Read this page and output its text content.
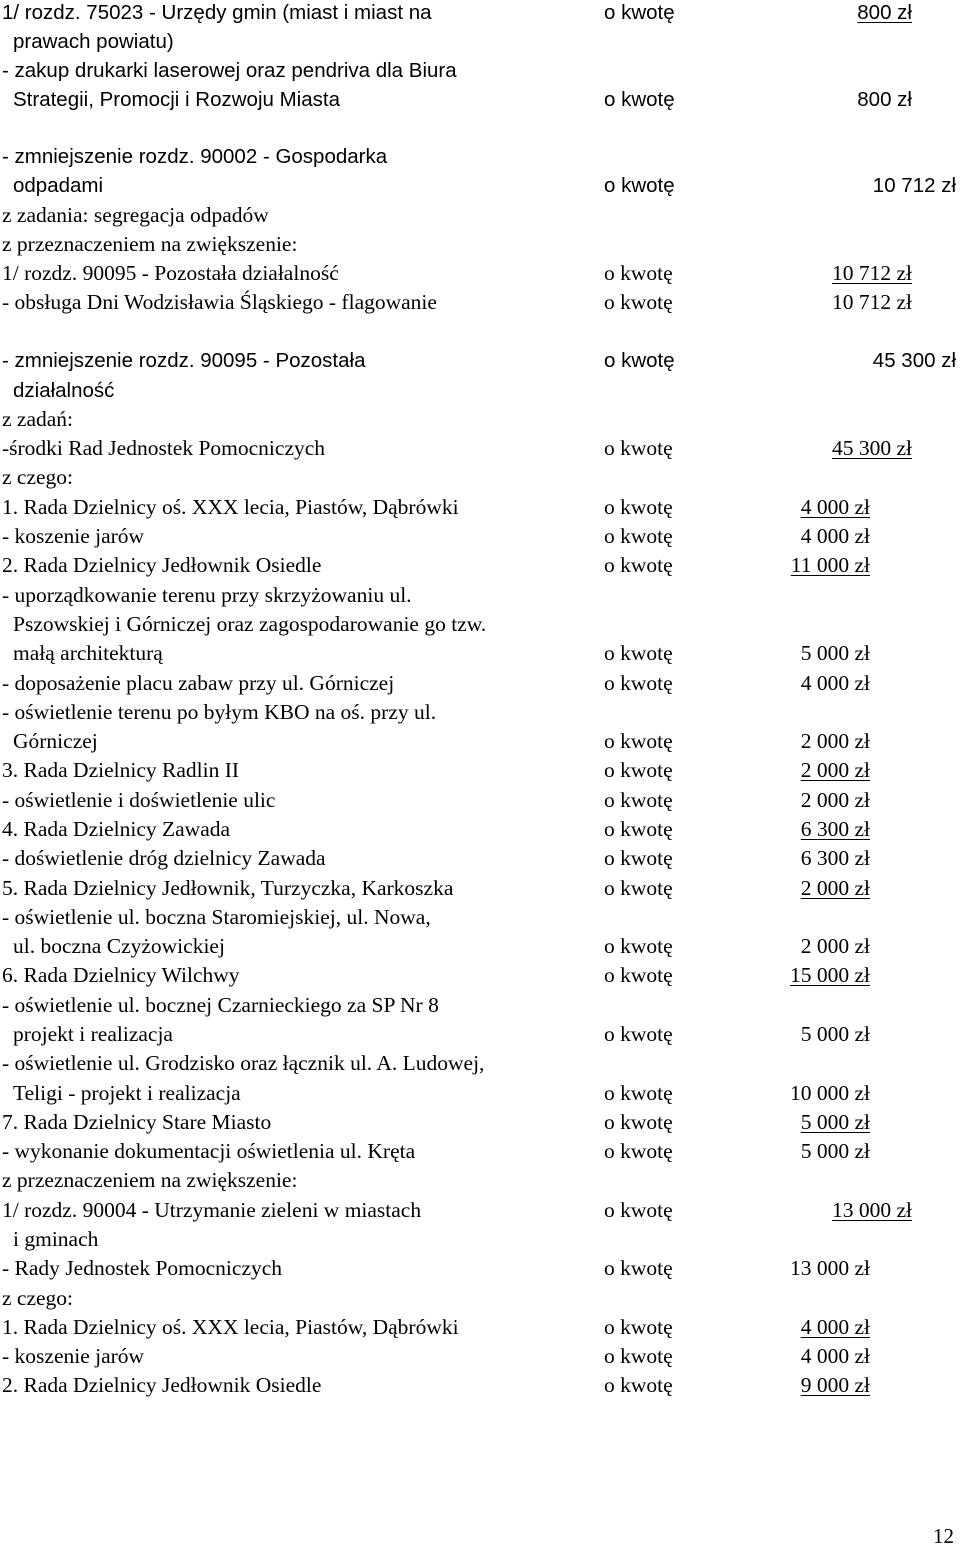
1/ rozdz. 75023 - Urzędy gmin (miast i miast na	o kwotę	800 zł
prawach powiatu)
- zakup drukarki laserowej oraz pendriva dla Biura
Strategii, Promocji i Rozwoju Miasta	o kwotę	800 zł
- zmniejszenie rozdz. 90002 - Gospodarka
odpadami	o kwotę	10 712 zł
z zadania: segregacja odpadów
z przeznaczeniem na zwiększenie:
1/ rozdz. 90095 - Pozostała działalność	o kwotę	10 712 zł
- obsługa Dni Wodzisławia Śląskiego - flagowanie	o kwotę	10 712 zł
- zmniejszenie rozdz. 90095 - Pozostała	o kwotę	45 300 zł
działalność
z zadań:
-środki Rad Jednostek Pomocniczych	o kwotę	45 300 zł
z czego:
1. Rada Dzielnicy oś. XXX lecia, Piastów, Dąbrówki	o kwotę	4 000 zł
- koszenie jarów	o kwotę	4 000 zł
2. Rada Dzielnicy Jedłownik Osiedle	o kwotę	11 000 zł
- uporządkowanie terenu przy skrzyżowaniu ul.
Pszowskiej i Górniczej oraz zagospodarowanie go tzw.
małą architekturą	o kwotę	5 000 zł
- doposażenie placu zabaw przy ul. Górniczej	o kwotę	4 000 zł
- oświetlenie terenu po byłym KBO na oś. przy ul.
Górniczej	o kwotę	2 000 zł
3. Rada Dzielnicy Radlin II	o kwotę	2 000 zł
- oświetlenie i doświetlenie ulic	o kwotę	2 000 zł
4. Rada Dzielnicy Zawada	o kwotę	6 300 zł
- doświetlenie dróg dzielnicy Zawada	o kwotę	6 300 zł
5. Rada Dzielnicy Jedłownik, Turzyczka, Karkoszka	o kwotę	2 000 zł
- oświetlenie ul. boczna Staromiejskiej, ul. Nowa,
ul. boczna Czyżowickiej	o kwotę	2 000 zł
6. Rada Dzielnicy Wilchwy	o kwotę	15 000 zł
- oświetlenie ul. bocznej Czarnieckiego za SP Nr 8
projekt i realizacja	o kwotę	5 000 zł
- oświetlenie ul. Grodzisko oraz łącznik ul. A. Ludowej,
Teligi - projekt i realizacja	o kwotę	10 000 zł
7. Rada Dzielnicy Stare Miasto	o kwotę	5 000 zł
- wykonanie dokumentacji oświetlenia ul. Kręta	o kwotę	5 000 zł
z przeznaczeniem na zwiększenie:
1/ rozdz. 90004 - Utrzymanie zieleni w miastach	o kwotę	13 000 zł
i gminach
- Rady Jednostek Pomocniczych	o kwotę	13 000 zł
z czego:
1. Rada Dzielnicy oś. XXX lecia, Piastów, Dąbrówki	o kwotę	4 000 zł
- koszenie jarów	o kwotę	4 000 zł
2. Rada Dzielnicy Jedłownik Osiedle	o kwotę	9 000 zł
12
